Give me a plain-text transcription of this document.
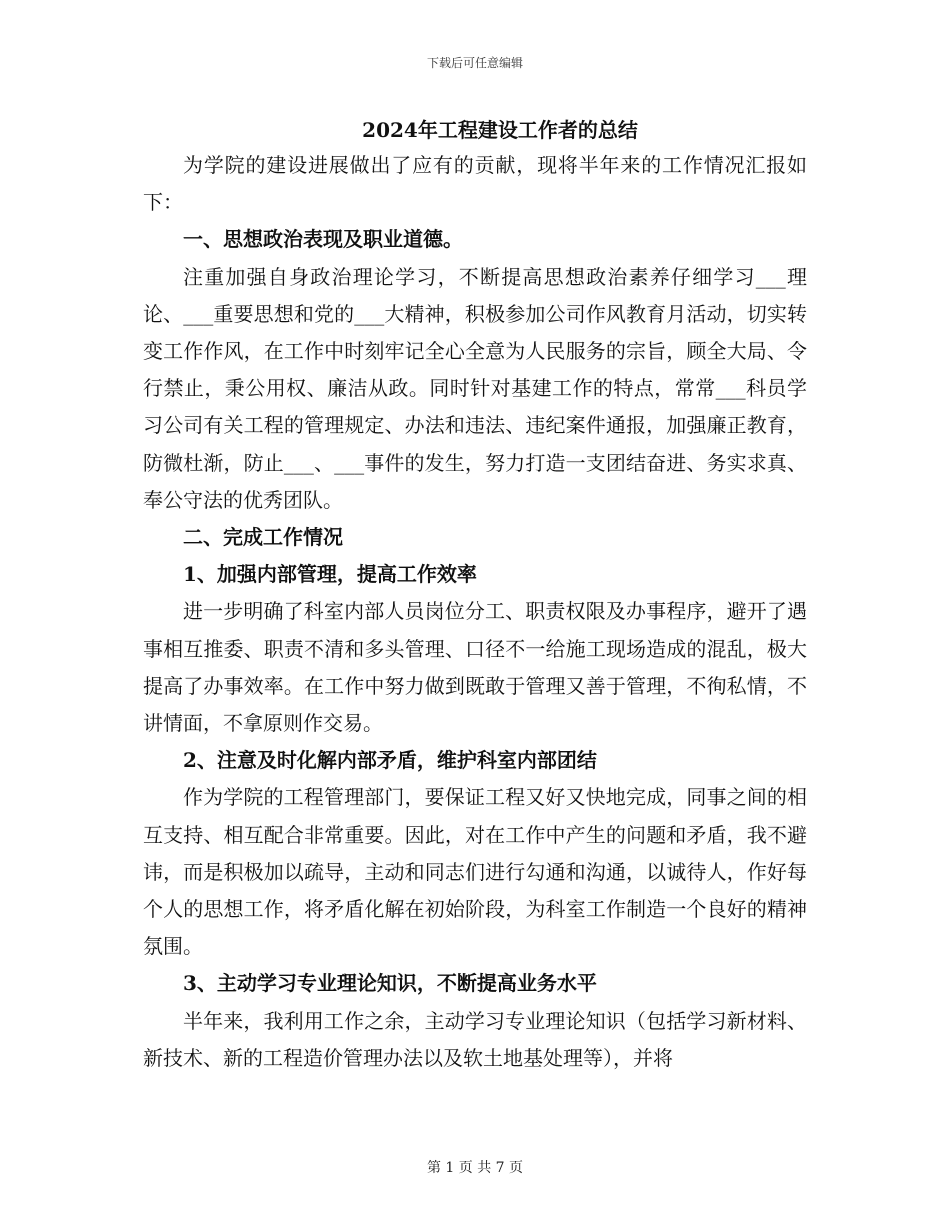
下载后可任意编辑
2024年工程建设工作者的总结

为学院的建设进展做出了应有的贡献，现将半年来的工作情况汇报如下：

一、思想政治表现及职业道德。

注重加强自身政治理论学习，不断提高思想政治素养仔细学习___理论、___重要思想和党的___大精神，积极参加公司作风教育月活动，切实转变工作作风，在工作中时刻牢记全心全意为人民服务的宗旨，顾全大局、令行禁止，秉公用权、廉洁从政。同时针对基建工作的特点，常常___科员学习公司有关工程的管理规定、办法和违法、违纪案件通报，加强廉正教育，防微杜渐，防止___、___事件的发生，努力打造一支团结奋进、务实求真、奉公守法的优秀团队。

二、完成工作情况

1、加强内部管理，提高工作效率

进一步明确了科室内部人员岗位分工、职责权限及办事程序，避开了遇事相互推委、职责不清和多头管理、口径不一给施工现场造成的混乱，极大提高了办事效率。在工作中努力做到既敢于管理又善于管理，不徇私情，不讲情面，不拿原则作交易。

2、注意及时化解内部矛盾，维护科室内部团结

作为学院的工程管理部门，要保证工程又好又快地完成，同事之间的相互支持、相互配合非常重要。因此，对在工作中产生的问题和矛盾，我不避讳，而是积极加以疏导，主动和同志们进行勾通和沟通，以诚待人，作好每个人的思想工作，将矛盾化解在初始阶段，为科室工作制造一个良好的精神氛围。

3、主动学习专业理论知识，不断提高业务水平

半年来，我利用工作之余，主动学习专业理论知识（包括学习新材料、新技术、新的工程造价管理办法以及软土地基处理等），并将

第 1 页 共 7 页
